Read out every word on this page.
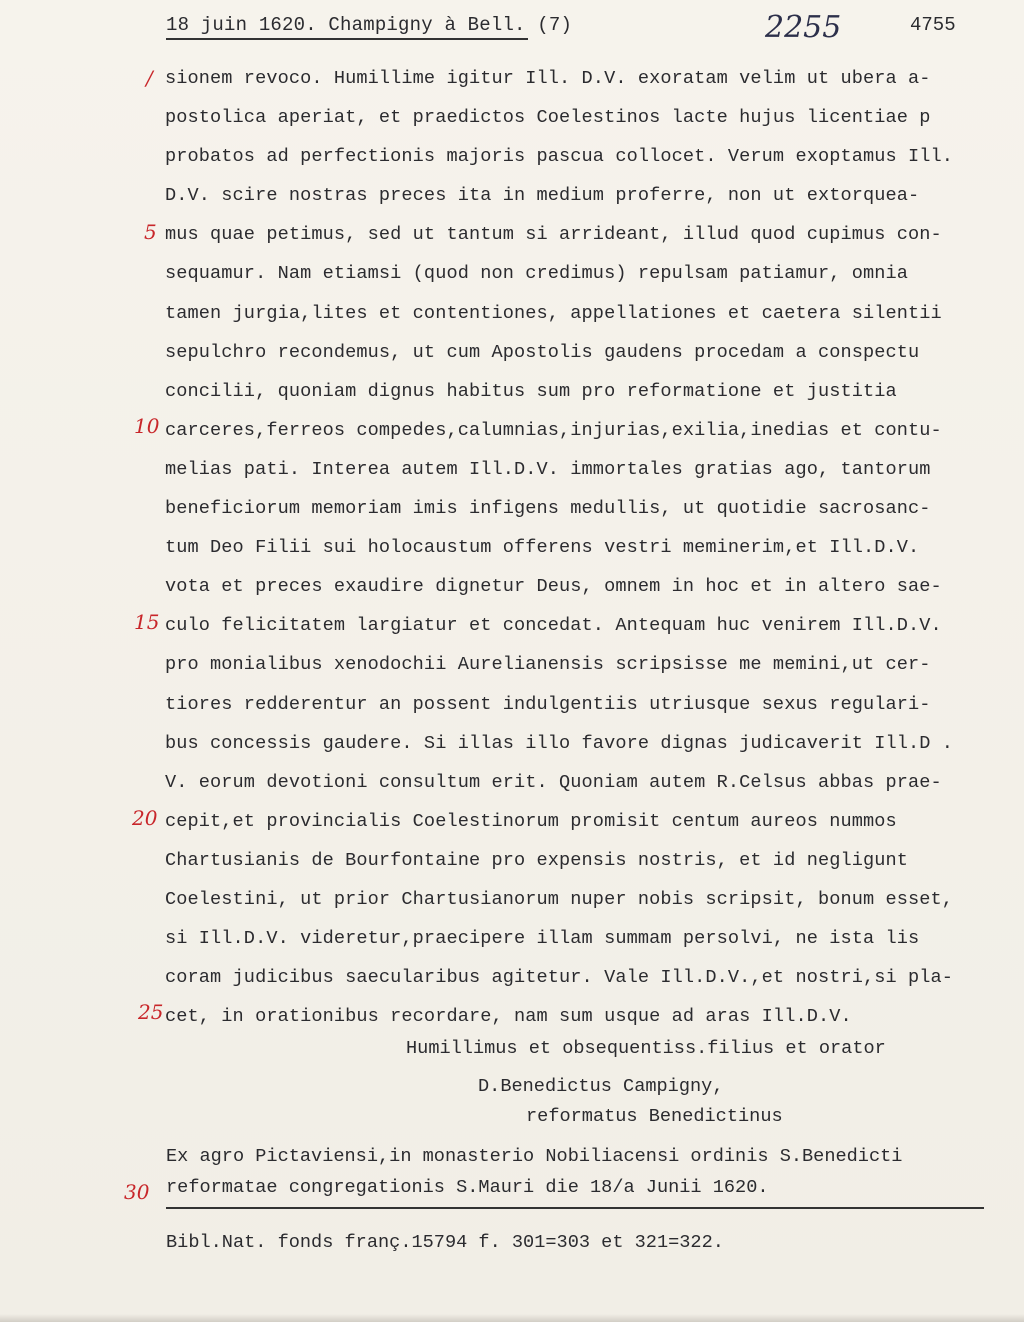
18 juin 1620. Champigny à Bell. (7)	2255	4755
/
5
10
15
20
25
30
sionem revoco. Humillime igitur Ill. D.V. exoratam velim ut ubera a-
postolica aperiat, et praedictos Coelestinos lacte hujus licentiae p
probatos ad perfectionis majoris pascua collocet. Verum exoptamus Ill.
D.V. scire nostras preces ita in medium proferre, non ut extorquea-
mus quae petimus, sed ut tantum si arrideant, illud quod cupimus con-
sequamur. Nam etiamsi (quod non credimus) repulsam patiamur, omnia
tamen jurgia,lites et contentiones, appellationes et caetera silentii
sepulchro recondemus, ut cum Apostolis gaudens procedam a conspectu
concilii, quoniam dignus habitus sum pro reformatione et justitia
carceres,ferreos compedes,calumnias,injurias,exilia,inedias et contu-
melias pati. Interea autem Ill.D.V. immortales gratias ago, tantorum
beneficiorum memoriam imis infigens medullis, ut quotidie sacrosanc-
tum Deo Filii sui holocaustum offerens vestri meminerim,et Ill.D.V.
vota et preces exaudire dignetur Deus, omnem in hoc et in altero sae-
culo felicitatem largiatur et concedat. Antequam huc venirem Ill.D.V.
pro monialibus xenodochii Aurelianensis scripsisse me memini,ut cer-
tiores redderentur an possent indulgentiis utriusque sexus regulari-
bus concessis gaudere. Si illas illo favore dignas judicaverit Ill.D .
V. eorum devotioni consultum erit. Quoniam autem R.Celsus abbas prae-
cepit,et provincialis Coelestinorum promisit centum aureos nummos
Chartusianis de Bourfontaine pro expensis nostris, et id negligunt
Coelestini, ut prior Chartusianorum nuper nobis scripsit, bonum esset,
si Ill.D.V. videretur,praecipere illam summam persolvi, ne ista lis
coram judicibus saecularibus agitetur. Vale Ill.D.V.,et nostri,si pla-
cet, in orationibus recordare, nam sum usque ad aras Ill.D.V.
Humillimus et obsequentiss.filius et orator
D.Benedictus Campigny,
reformatus Benedictinus
Ex agro Pictaviensi,in monasterio Nobiliacensi ordinis S.Benedicti
reformatae congregationis S.Mauri die 18/a Junii 1620.
Bibl.Nat. fonds franç.15794 f. 301=303 et 321=322.
